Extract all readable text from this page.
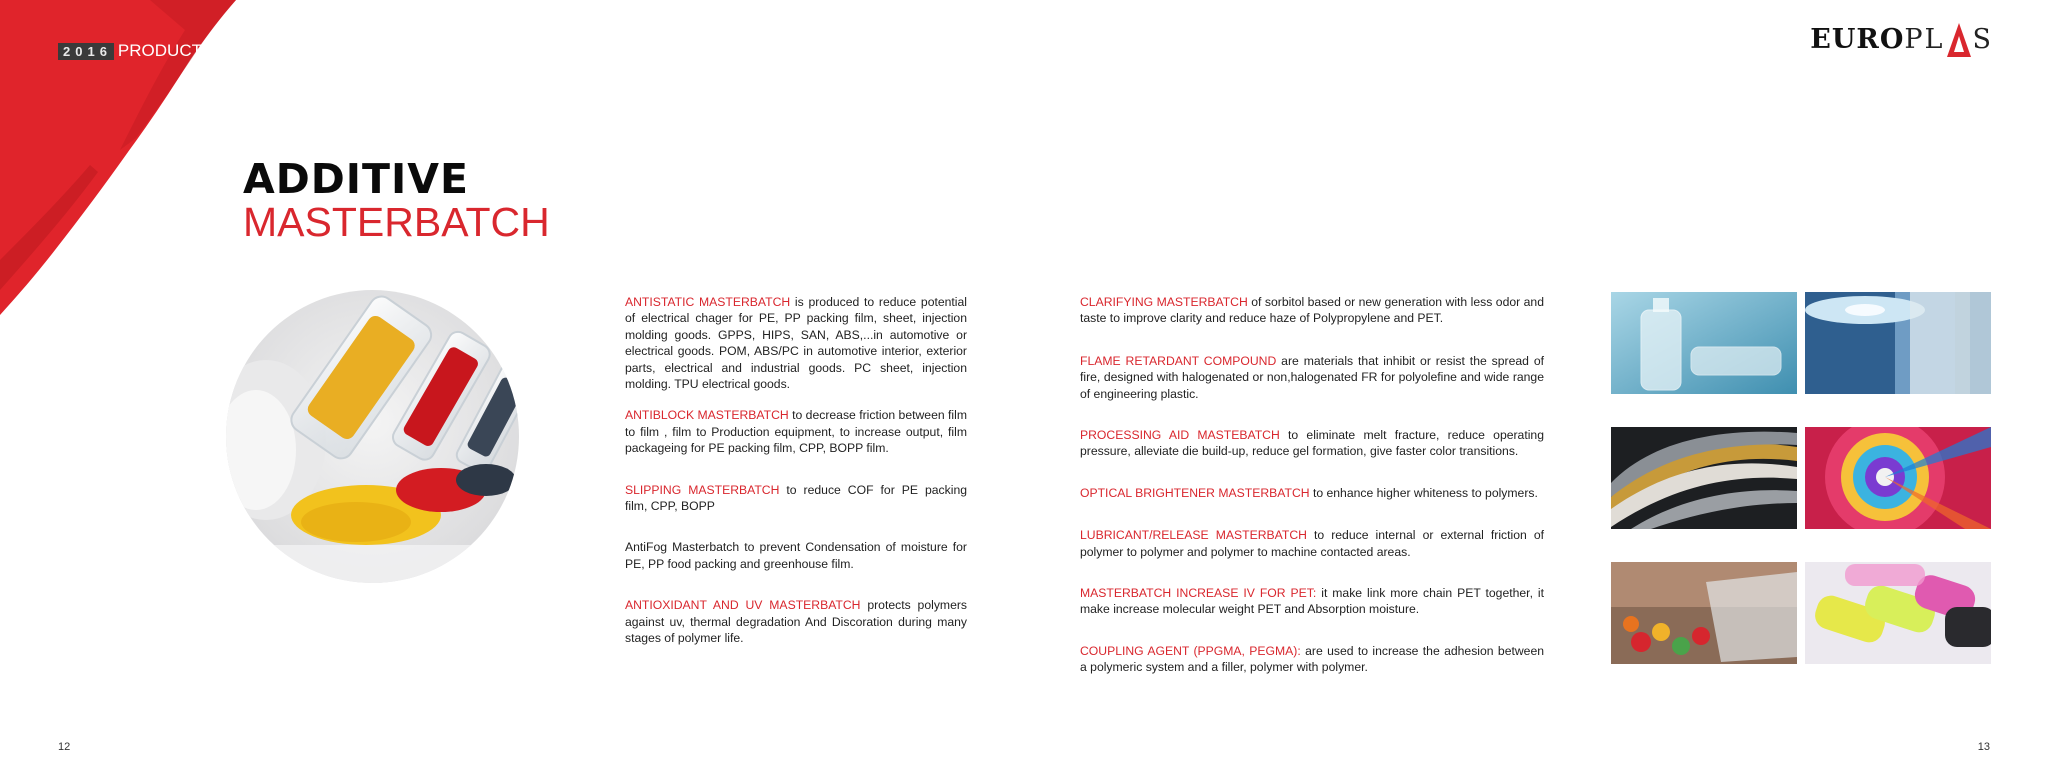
2016 PRODUCTS	EURO PL S
ADDITIVE
MASTERBATCH

ANTISTATIC MASTERBATCH is produced to reduce potential of electrical chager for PE, PP packing film, sheet, injection molding goods. GPPS, HIPS, SAN, ABS,...in automotive or electrical goods. POM, ABS/PC in automotive interior, exterior parts, electrical and industrial goods. PC sheet, injection molding. TPU electrical goods.

ANTIBLOCK MASTERBATCH to decrease friction between film to film , film to Production equipment, to increase output, film packageing for PE packing film, CPP, BOPP film.

SLIPPING MASTERBATCH to reduce COF for PE packing film, CPP, BOPP

AntiFog Masterbatch to prevent Condensation of moisture for PE, PP food packing and greenhouse film.

ANTIOXIDANT AND UV MASTERBATCH protects polymers against uv, thermal degradation And Discoration during many stages of polymer life.

CLARIFYING MASTERBATCH of sorbitol based or new generation with less odor and taste to improve clarity and reduce haze of Polypropylene and PET.

FLAME RETARDANT COMPOUND are materials that inhibit or resist the spread of fire, designed with halogenated or non,halogenated FR for polyolefine and wide range of engineering plastic.

PROCESSING AID MASTEBATCH to eliminate melt fracture, reduce operating pressure, alleviate die build-up, reduce gel formation, give faster color transitions.

OPTICAL BRIGHTENER MASTERBATCH to enhance higher whiteness to polymers.

LUBRICANT/RELEASE MASTERBATCH to reduce internal or external friction of polymer to polymer and polymer to machine contacted areas.

MASTERBATCH INCREASE IV FOR PET: it make link more chain PET together, it make increase molecular weight PET and Absorption moisture.

COUPLING AGENT (PPGMA, PEGMA): are used to increase the adhesion between a polymeric system and a filler, polymer with polymer.

12	13
